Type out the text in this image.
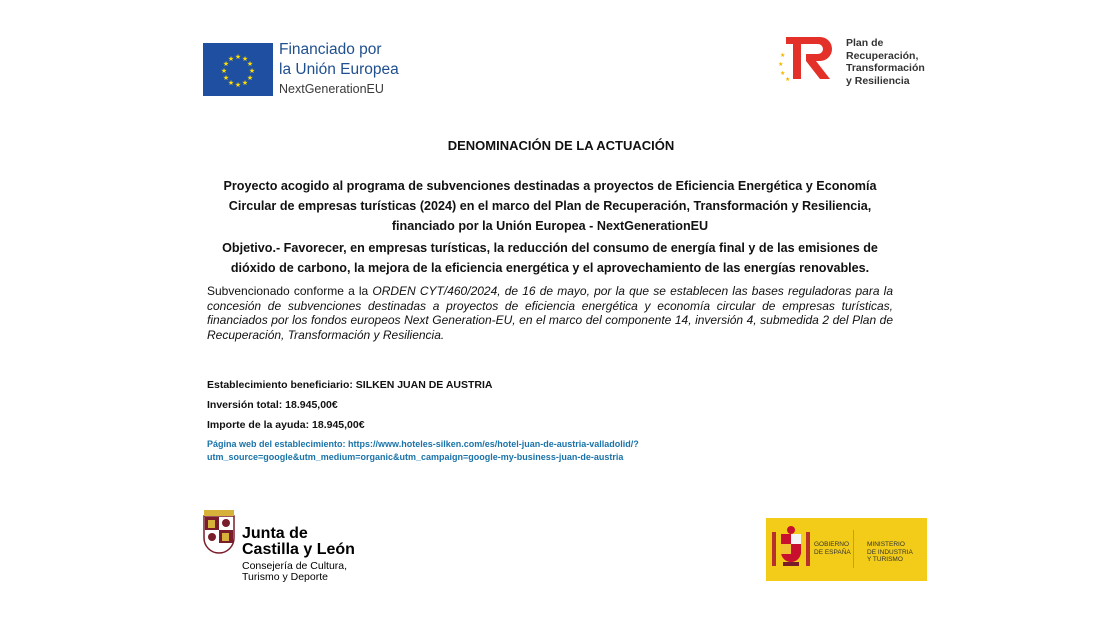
★ ★
★
★
★
★
★
★
★
★
★
★
Financiado por
la Unión Europea
NextGenerationEU
★
★
★
★
Plan de
Recuperación,
Transformación
y Resiliencia
DENOMINACIÓN DE LA ACTUACIÓN
Proyecto acogido al programa de subvenciones destinadas a proyectos de Eficiencia Energética y Economía Circular de empresas turísticas (2024) en el marco del Plan de Recuperación, Transformación y Resiliencia, financiado por la Unión Europea - NextGenerationEU
Objetivo.- Favorecer, en empresas turísticas, la reducción del consumo de energía final y de las emisiones de dióxido de carbono, la mejora de la eficiencia energética y el aprovechamiento de las energías renovables.
Subvencionado conforme a la ORDEN CYT/460/2024, de 16 de mayo, por la que se establecen las bases reguladoras para la concesión de subvenciones destinadas a proyectos de eficiencia energética y economía circular de empresas turísticas, financiados por los fondos europeos Next Generation-EU, en el marco del componente 14, inversión 4, submedida 2 del Plan de Recuperación, Transformación y Resiliencia.
Establecimiento beneficiario: SILKEN JUAN DE AUSTRIA
Inversión total: 18.945,00€
Importe de la ayuda: 18.945,00€
Página web del establecimiento: https://www.hoteles-silken.com/es/hotel-juan-de-austria-valladolid/?utm_source=google&utm_medium=organic&utm_campaign=google-my-business-juan-de-austria
Junta de
Castilla y León
Consejería de Cultura,
Turismo y Deporte
GOBIERNO
DE ESPAÑA
MINISTERIO
DE INDUSTRIA
Y TURISMO
